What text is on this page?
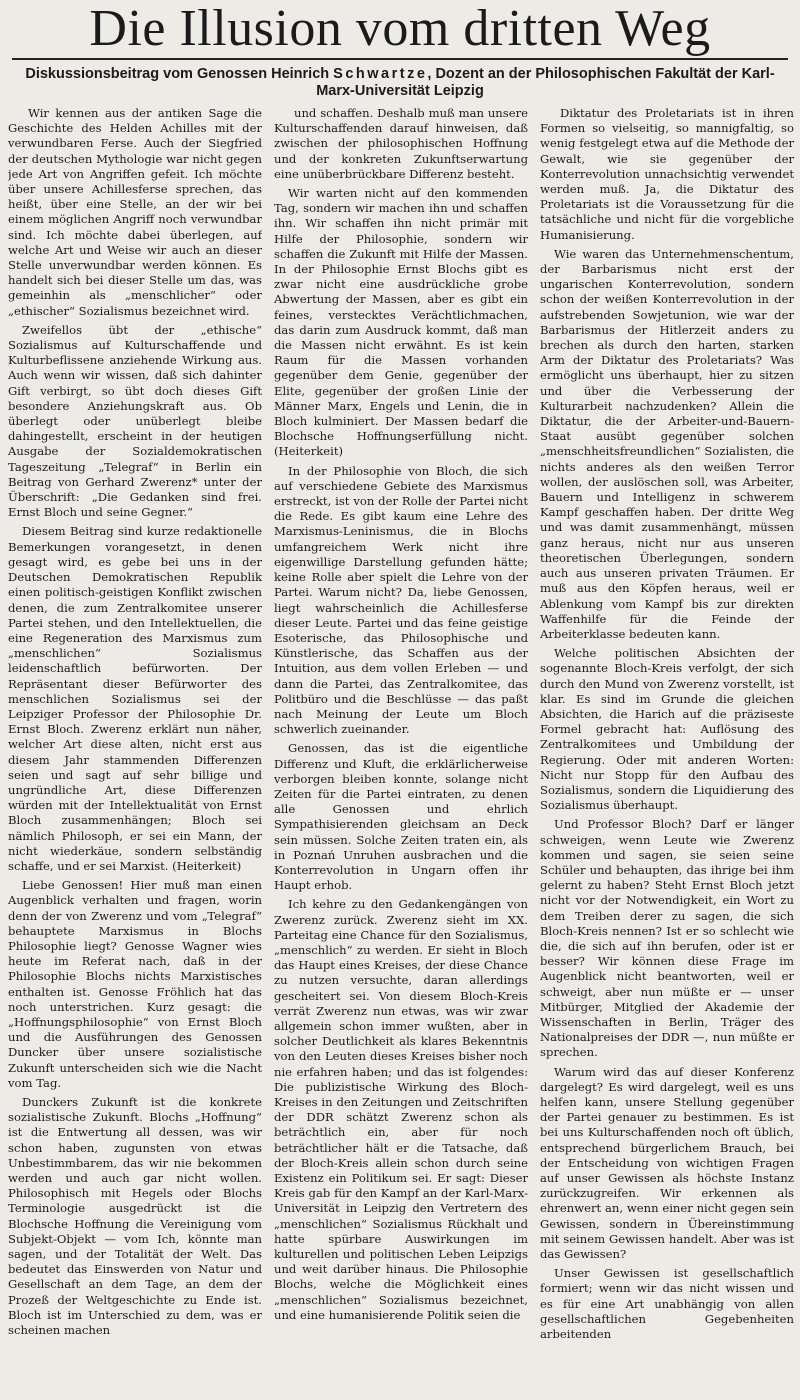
Die Illusion vom dritten Weg
Diskussionsbeitrag vom Genossen Heinrich Schwartze, Dozent an der Philosophischen Fakultät der Karl-Marx-Universität Leipzig

Wir kennen aus der antiken Sage die Geschichte des Helden Achilles mit der verwundbaren Ferse. Auch der Siegfried der deutschen Mythologie war nicht gegen jede Art von Angriffen gefeit. Ich möchte über unsere Achillesferse sprechen, das heißt, über eine Stelle, an der wir bei einem möglichen Angriff noch verwundbar sind. Ich möchte dabei überlegen, auf welche Art und Weise wir auch an dieser Stelle unverwundbar werden können. Es handelt sich bei dieser Stelle um das, was gemeinhin als „menschlicher“ oder „ethischer“ Sozialismus bezeichnet wird.

Zweifellos übt der „ethische“ Sozialismus auf Kulturschaffende und Kulturbeflissene anziehende Wirkung aus. Auch wenn wir wissen, daß sich dahinter Gift verbirgt, so übt doch dieses Gift besondere Anziehungskraft aus. Ob überlegt oder unüberlegt bleibe dahingestellt, erscheint in der heutigen Ausgabe der Sozialdemokratischen Tageszeitung „Telegraf“ in Berlin ein Beitrag von Gerhard Zwerenz* unter der Überschrift: „Die Gedanken sind frei. Ernst Bloch und seine Gegner.“

Diesem Beitrag sind kurze redaktionelle Bemerkungen vorangesetzt, in denen gesagt wird, es gebe bei uns in der Deutschen Demokratischen Republik einen politisch-geistigen Konflikt zwischen denen, die zum Zentralkomitee unserer Partei stehen, und den Intellektuellen, die eine Regeneration des Marxismus zum „menschlichen“ Sozialismus leidenschaftlich befürworten. Der Repräsentant dieser Befürworter des menschlichen Sozialismus sei der Leipziger Professor der Philosophie Dr. Ernst Bloch. Zwerenz erklärt nun näher, welcher Art diese alten, nicht erst aus diesem Jahr stammenden Differenzen seien und sagt auf sehr billige und ungründliche Art, diese Differenzen würden mit der Intellektualität von Ernst Bloch zusammenhängen; Bloch sei nämlich Philosoph, er sei ein Mann, der nicht wiederkäue, sondern selbständig schaffe, und er sei Marxist. (Heiterkeit)

Liebe Genossen! Hier muß man einen Augenblick verhalten und fragen, worin denn der von Zwerenz und vom „Telegraf“ behauptete Marxismus in Blochs Philosophie liegt? Genosse Wagner wies heute im Referat nach, daß in der Philosophie Blochs nichts Marxistisches enthalten ist. Genosse Fröhlich hat das noch unterstrichen. Kurz gesagt: die „Hoffnungsphilosophie“ von Ernst Bloch und die Ausführungen des Genossen Duncker über unsere sozialistische Zukunft unterscheiden sich wie die Nacht vom Tag.

Dunckers Zukunft ist die konkrete sozialistische Zukunft. Blochs „Hoffnung“ ist die Entwertung all dessen, was wir schon haben, zugunsten von etwas Unbestimmbarem, das wir nie bekommen werden und auch gar nicht wollen. Philosophisch mit Hegels oder Blochs Terminologie ausgedrückt ist die Blochsche Hoffnung die Vereinigung vom Subjekt-Objekt — vom Ich, könnte man sagen, und der Totalität der Welt. Das bedeutet das Einswerden von Natur und Gesellschaft an dem Tage, an dem der Prozeß der Weltgeschichte zu Ende ist. Bloch ist im Unterschied zu dem, was er scheinen machen

und schaffen. Deshalb muß man unsere Kulturschaffenden darauf hinweisen, daß zwischen der philosophischen Hoffnung und der konkreten Zukunftserwartung eine unüberbrückbare Differenz besteht.

Wir warten nicht auf den kommenden Tag, sondern wir machen ihn und schaffen ihn. Wir schaffen ihn nicht primär mit Hilfe der Philosophie, sondern wir schaffen die Zukunft mit Hilfe der Massen. In der Philosophie Ernst Blochs gibt es zwar nicht eine ausdrückliche grobe Abwertung der Massen, aber es gibt ein feines, verstecktes Verächtlichmachen, das darin zum Ausdruck kommt, daß man die Massen nicht erwähnt. Es ist kein Raum für die Massen vorhanden gegenüber dem Genie, gegenüber der Elite, gegenüber der großen Linie der Männer Marx, Engels und Lenin, die in Bloch kulminiert. Der Massen bedarf die Blochsche Hoffnungserfüllung nicht. (Heiterkeit)

In der Philosophie von Bloch, die sich auf verschiedene Gebiete des Marxismus erstreckt, ist von der Rolle der Partei nicht die Rede. Es gibt kaum eine Lehre des Marxismus-Leninismus, die in Blochs umfangreichem Werk nicht ihre eigenwillige Darstellung gefunden hätte; keine Rolle aber spielt die Lehre von der Partei. Warum nicht? Da, liebe Genossen, liegt wahrscheinlich die Achillesferse dieser Leute. Partei und das feine geistige Esoterische, das Philosophische und Künstlerische, das Schaffen aus der Intuition, aus dem vollen Erleben — und dann die Partei, das Zentralkomitee, das Politbüro und die Beschlüsse — das paßt nach Meinung der Leute um Bloch schwerlich zueinander.

Genossen, das ist die eigentliche Differenz und Kluft, die erklärlicherweise verborgen bleiben konnte, solange nicht Zeiten für die Partei eintraten, zu denen alle Genossen und ehrlich Sympathisierenden gleichsam an Deck sein müssen. Solche Zeiten traten ein, als in Poznań Unruhen ausbrachen und die Konterrevolution in Ungarn offen ihr Haupt erhob.

Ich kehre zu den Gedankengängen von Zwerenz zurück. Zwerenz sieht im XX. Parteitag eine Chance für den Sozialismus, „menschlich“ zu werden. Er sieht in Bloch das Haupt eines Kreises, der diese Chance zu nutzen versuchte, daran allerdings gescheitert sei. Von diesem Bloch-Kreis verrät Zwerenz nun etwas, was wir zwar allgemein schon immer wußten, aber in solcher Deutlichkeit als klares Bekenntnis von den Leuten dieses Kreises bisher noch nie erfahren haben; und das ist folgendes: Die publizistische Wirkung des Bloch-Kreises in den Zeitungen und Zeitschriften der DDR schätzt Zwerenz schon als beträchtlich ein, aber für noch beträchtlicher hält er die Tatsache, daß der Bloch-Kreis allein schon durch seine Existenz ein Politikum sei. Er sagt: Dieser Kreis gab für den Kampf an der Karl-Marx-Universität in Leipzig den Vertretern des „menschlichen“ Sozialismus Rückhalt und hatte spürbare Auswirkungen im kulturellen und politischen Leben Leipzigs und weit darüber hinaus. Die Philosophie Blochs, welche die Möglichkeit eines „menschlichen“ Sozialismus bezeichnet, und eine humanisierende Politik seien die

Diktatur des Proletariats ist in ihren Formen so vielseitig, so mannigfaltig, so wenig festgelegt etwa auf die Methode der Gewalt, wie sie gegenüber der Konterrevolution unnachsichtig verwendet werden muß. Ja, die Diktatur des Proletariats ist die Voraussetzung für die tatsächliche und nicht für die vorgebliche Humanisierung.

Wie waren das Unternehmenschentum, der Barbarismus nicht erst der ungarischen Konterrevolution, sondern schon der weißen Konterrevolution in der aufstrebenden Sowjetunion, wie war der Barbarismus der Hitlerzeit anders zu brechen als durch den harten, starken Arm der Diktatur des Proletariats? Was ermöglicht uns überhaupt, hier zu sitzen und über die Verbesserung der Kulturarbeit nachzudenken? Allein die Diktatur, die der Arbeiter-und-Bauern-Staat ausübt gegenüber solchen „menschheitsfreundlichen“ Sozialisten, die nichts anderes als den weißen Terror wollen, der auslöschen soll, was Arbeiter, Bauern und Intelligenz in schwerem Kampf geschaffen haben. Der dritte Weg und was damit zusammenhängt, müssen ganz heraus, nicht nur aus unseren theoretischen Überlegungen, sondern auch aus unseren privaten Träumen. Er muß aus den Köpfen heraus, weil er Ablenkung vom Kampf bis zur direkten Waffenhilfe für die Feinde der Arbeiterklasse bedeuten kann.

Welche politischen Absichten der sogenannte Bloch-Kreis verfolgt, der sich durch den Mund von Zwerenz vorstellt, ist klar. Es sind im Grunde die gleichen Absichten, die Harich auf die präziseste Formel gebracht hat: Auflösung des Zentralkomitees und Umbildung der Regierung. Oder mit anderen Worten: Nicht nur Stopp für den Aufbau des Sozialismus, sondern die Liquidierung des Sozialismus überhaupt.

Und Professor Bloch? Darf er länger schweigen, wenn Leute wie Zwerenz kommen und sagen, sie seien seine Schüler und behaupten, das ihrige bei ihm gelernt zu haben? Steht Ernst Bloch jetzt nicht vor der Notwendigkeit, ein Wort zu dem Treiben derer zu sagen, die sich Bloch-Kreis nennen? Ist er so schlecht wie die, die sich auf ihn berufen, oder ist er besser? Wir können diese Frage im Augenblick nicht beantworten, weil er schweigt, aber nun müßte er — unser Mitbürger, Mitglied der Akademie der Wissenschaften in Berlin, Träger des Nationalpreises der DDR —, nun müßte er sprechen.

Warum wird das auf dieser Konferenz dargelegt? Es wird dargelegt, weil es uns helfen kann, unsere Stellung gegenüber der Partei genauer zu bestimmen. Es ist bei uns Kulturschaffenden noch oft üblich, entsprechend bürgerlichem Brauch, bei der Entscheidung von wichtigen Fragen auf unser Gewissen als höchste Instanz zurückzugreifen. Wir erkennen als ehrenwert an, wenn einer nicht gegen sein Gewissen, sondern in Übereinstimmung mit seinem Gewissen handelt. Aber was ist das Gewissen?

Unser Gewissen ist gesellschaftlich formiert; wenn wir das nicht wissen und es für eine Art unabhängig von allen gesellschaftlichen Gegebenheiten arbeitenden
